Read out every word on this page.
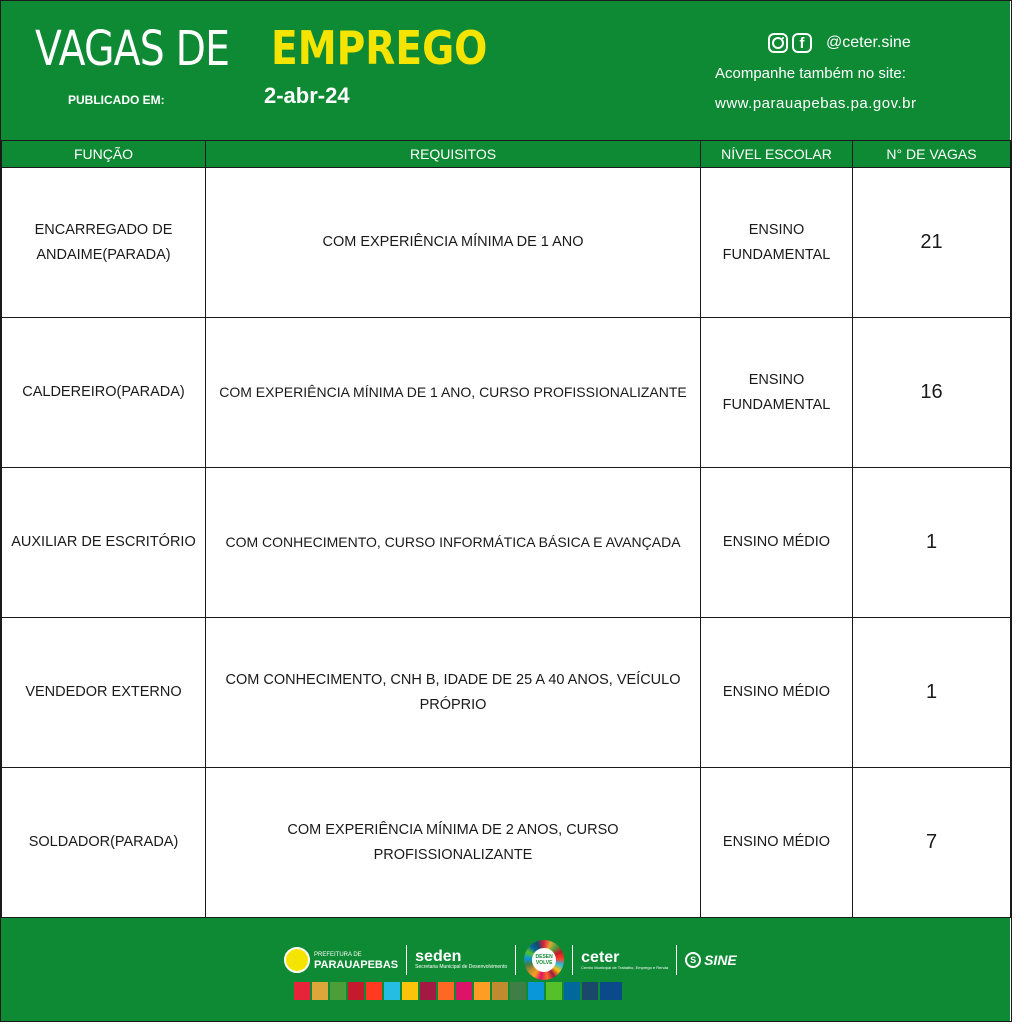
VAGAS DE EMPREGO
PUBLICADO EM:	2-abr-24
f	@ceter.sine
Acompanhe também no site:
www.parauapebas.pa.gov.br
FUNÇÃO	REQUISITOS	NÍVEL ESCOLAR	N° DE VAGAS
ENCARREGADO DE ANDAIME(PARADA)	COM EXPERIÊNCIA MÍNIMA DE 1 ANO	ENSINO FUNDAMENTAL	21
CALDEREIRO(PARADA)	COM EXPERIÊNCIA MÍNIMA DE 1 ANO, CURSO PROFISSIONALIZANTE	ENSINO FUNDAMENTAL	16
AUXILIAR DE ESCRITÓRIO	COM CONHECIMENTO, CURSO INFORMÁTICA BÁSICA E AVANÇADA	ENSINO MÉDIO	1
VENDEDOR EXTERNO	COM CONHECIMENTO, CNH B, IDADE DE 25 A 40 ANOS, VEÍCULO PRÓPRIO	ENSINO MÉDIO	1
SOLDADOR(PARADA)	COM EXPERIÊNCIA MÍNIMA DE 2 ANOS, CURSO PROFISSIONALIZANTE	ENSINO MÉDIO	7
PREFEITURA DE
PARAUAPEBAS seden
Secretaria Municipal de Desenvolvimento
DESEN VOLVE ceter
Centro Municipal de Trabalho, Emprego e Renda
S SINE
